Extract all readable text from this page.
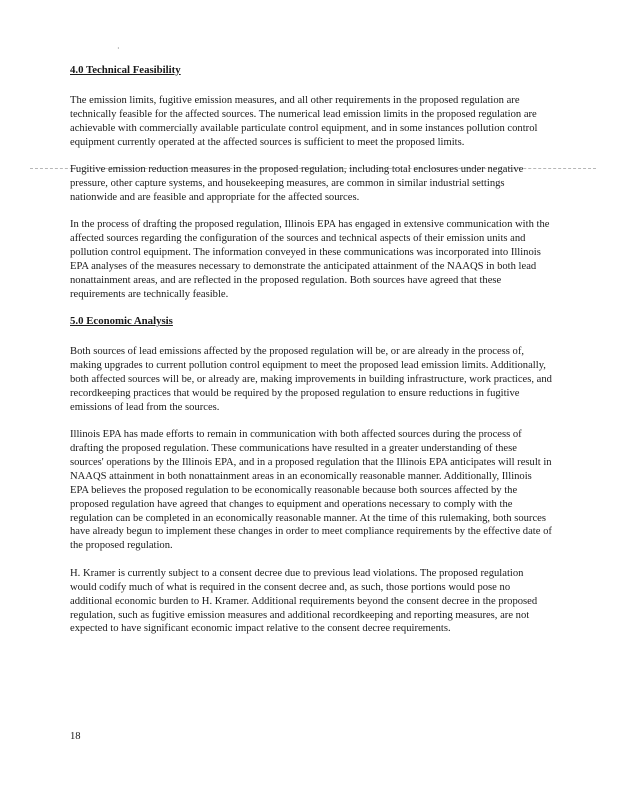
·
4.0 Technical Feasibility

The emission limits, fugitive emission measures, and all other requirements in the proposed regulation are technically feasible for the affected sources. The numerical lead emission limits in the proposed regulation are achievable with commercially available particulate control equipment, and in some instances pollution control equipment currently operated at the affected sources is sufficient to meet the proposed limits.

Fugitive emission reduction measures in the proposed regulation, including total enclosures under negative pressure, other capture systems, and housekeeping measures, are common in similar industrial settings nationwide and are feasible and appropriate for the affected sources.

In the process of drafting the proposed regulation, Illinois EPA has engaged in extensive communication with the affected sources regarding the configuration of the sources and technical aspects of their emission units and pollution control equipment. The information conveyed in these communications was incorporated into Illinois EPA analyses of the measures necessary to demonstrate the anticipated attainment of the NAAQS in both lead nonattainment areas, and are reflected in the proposed regulation. Both sources have agreed that these requirements are technically feasible.

5.0 Economic Analysis

Both sources of lead emissions affected by the proposed regulation will be, or are already in the process of, making upgrades to current pollution control equipment to meet the proposed lead emission limits. Additionally, both affected sources will be, or already are, making improvements in building infrastructure, work practices, and recordkeeping practices that would be required by the proposed regulation to ensure reductions in fugitive emissions of lead from the sources.

Illinois EPA has made efforts to remain in communication with both affected sources during the process of drafting the proposed regulation. These communications have resulted in a greater understanding of these sources' operations by the Illinois EPA, and in a proposed regulation that the Illinois EPA anticipates will result in NAAQS attainment in both nonattainment areas in an economically reasonable manner. Additionally, Illinois EPA believes the proposed regulation to be economically reasonable because both sources affected by the proposed regulation have agreed that changes to equipment and operations necessary to comply with the regulation can be completed in an economically reasonable manner. At the time of this rulemaking, both sources have already begun to implement these changes in order to meet compliance requirements by the effective date of the proposed regulation.

H. Kramer is currently subject to a consent decree due to previous lead violations. The proposed regulation would codify much of what is required in the consent decree and, as such, those portions would pose no additional economic burden to H. Kramer. Additional requirements beyond the consent decree in the proposed regulation, such as fugitive emission measures and additional recordkeeping and reporting measures, are not expected to have significant economic impact relative to the consent decree requirements.

18
